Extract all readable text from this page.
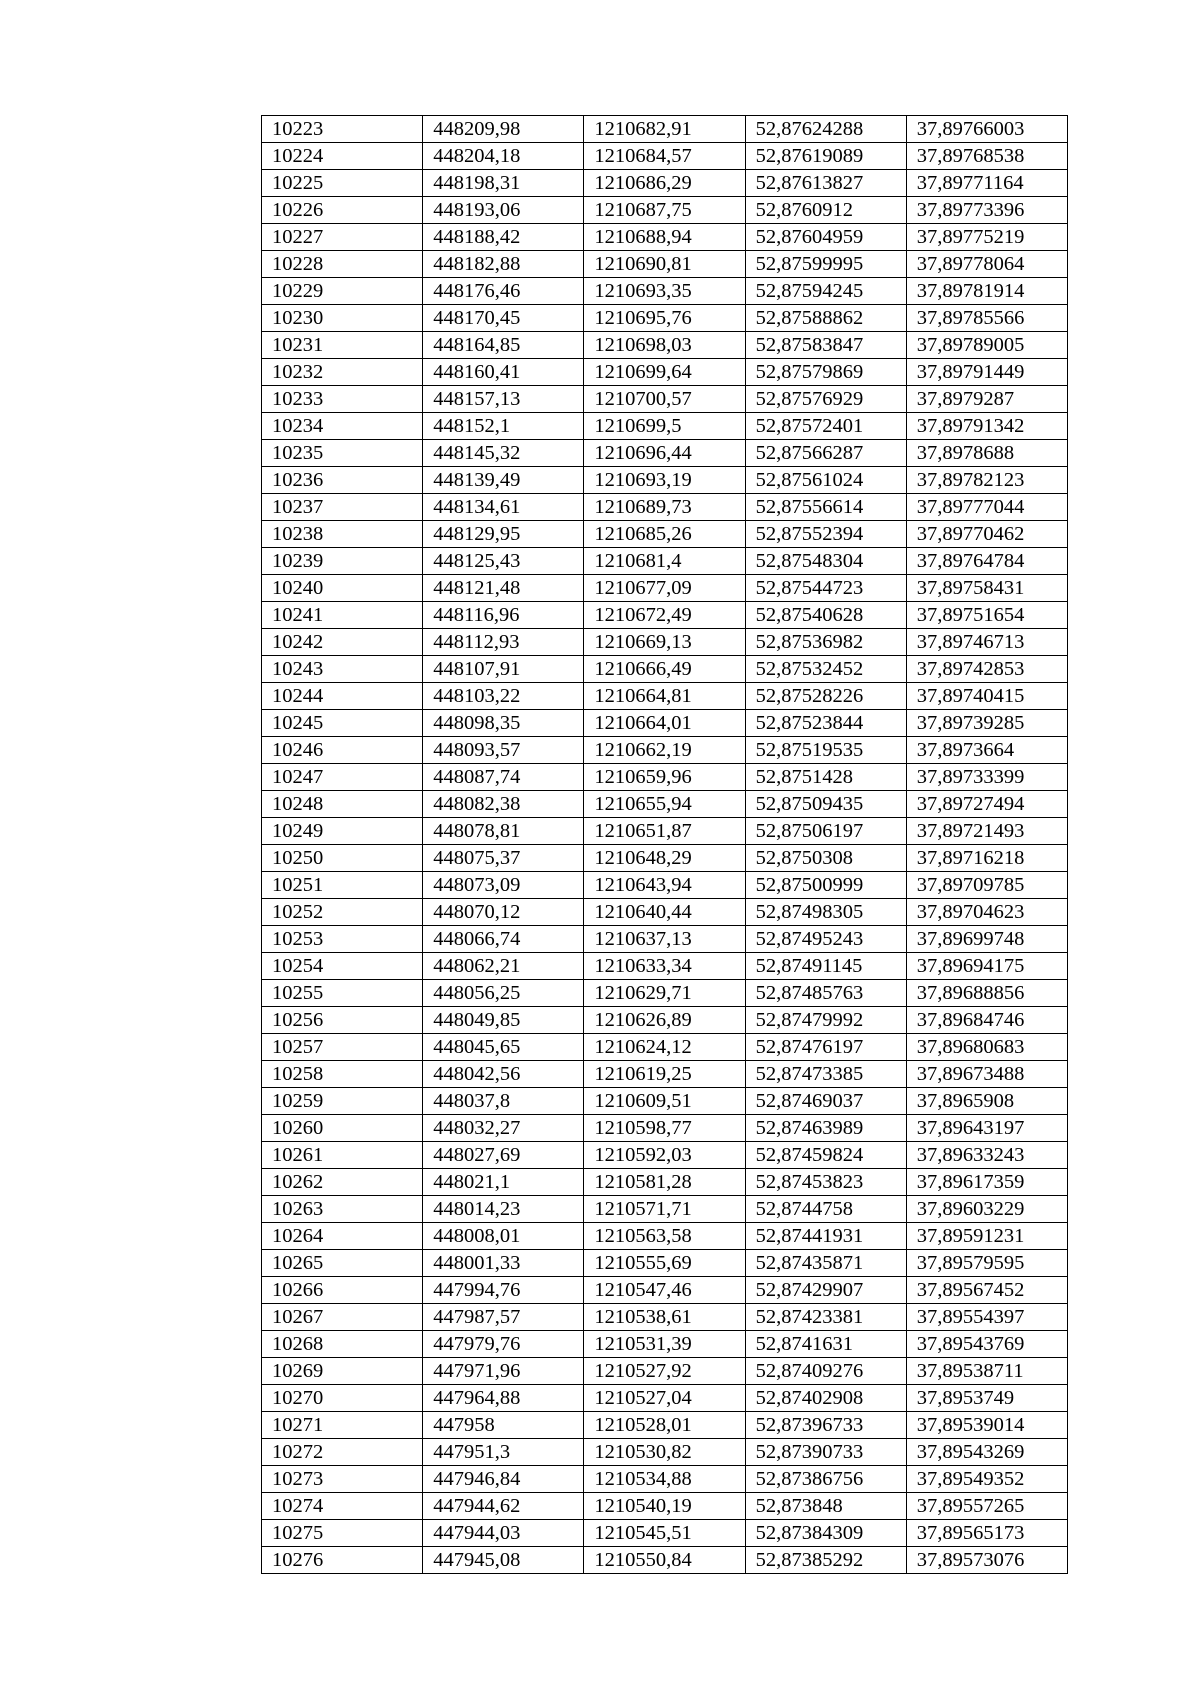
10223	448209,98	1210682,91	52,87624288	37,89766003
10224	448204,18	1210684,57	52,87619089	37,89768538
10225	448198,31	1210686,29	52,87613827	37,89771164
10226	448193,06	1210687,75	52,8760912	37,89773396
10227	448188,42	1210688,94	52,87604959	37,89775219
10228	448182,88	1210690,81	52,87599995	37,89778064
10229	448176,46	1210693,35	52,87594245	37,89781914
10230	448170,45	1210695,76	52,87588862	37,89785566
10231	448164,85	1210698,03	52,87583847	37,89789005
10232	448160,41	1210699,64	52,87579869	37,89791449
10233	448157,13	1210700,57	52,87576929	37,8979287
10234	448152,1	1210699,5	52,87572401	37,89791342
10235	448145,32	1210696,44	52,87566287	37,8978688
10236	448139,49	1210693,19	52,87561024	37,89782123
10237	448134,61	1210689,73	52,87556614	37,89777044
10238	448129,95	1210685,26	52,87552394	37,89770462
10239	448125,43	1210681,4	52,87548304	37,89764784
10240	448121,48	1210677,09	52,87544723	37,89758431
10241	448116,96	1210672,49	52,87540628	37,89751654
10242	448112,93	1210669,13	52,87536982	37,89746713
10243	448107,91	1210666,49	52,87532452	37,89742853
10244	448103,22	1210664,81	52,87528226	37,89740415
10245	448098,35	1210664,01	52,87523844	37,89739285
10246	448093,57	1210662,19	52,87519535	37,8973664
10247	448087,74	1210659,96	52,8751428	37,89733399
10248	448082,38	1210655,94	52,87509435	37,89727494
10249	448078,81	1210651,87	52,87506197	37,89721493
10250	448075,37	1210648,29	52,8750308	37,89716218
10251	448073,09	1210643,94	52,87500999	37,89709785
10252	448070,12	1210640,44	52,87498305	37,89704623
10253	448066,74	1210637,13	52,87495243	37,89699748
10254	448062,21	1210633,34	52,87491145	37,89694175
10255	448056,25	1210629,71	52,87485763	37,89688856
10256	448049,85	1210626,89	52,87479992	37,89684746
10257	448045,65	1210624,12	52,87476197	37,89680683
10258	448042,56	1210619,25	52,87473385	37,89673488
10259	448037,8	1210609,51	52,87469037	37,8965908
10260	448032,27	1210598,77	52,87463989	37,89643197
10261	448027,69	1210592,03	52,87459824	37,89633243
10262	448021,1	1210581,28	52,87453823	37,89617359
10263	448014,23	1210571,71	52,8744758	37,89603229
10264	448008,01	1210563,58	52,87441931	37,89591231
10265	448001,33	1210555,69	52,87435871	37,89579595
10266	447994,76	1210547,46	52,87429907	37,89567452
10267	447987,57	1210538,61	52,87423381	37,89554397
10268	447979,76	1210531,39	52,8741631	37,89543769
10269	447971,96	1210527,92	52,87409276	37,89538711
10270	447964,88	1210527,04	52,87402908	37,8953749
10271	447958	1210528,01	52,87396733	37,89539014
10272	447951,3	1210530,82	52,87390733	37,89543269
10273	447946,84	1210534,88	52,87386756	37,89549352
10274	447944,62	1210540,19	52,873848	37,89557265
10275	447944,03	1210545,51	52,87384309	37,89565173
10276	447945,08	1210550,84	52,87385292	37,89573076
